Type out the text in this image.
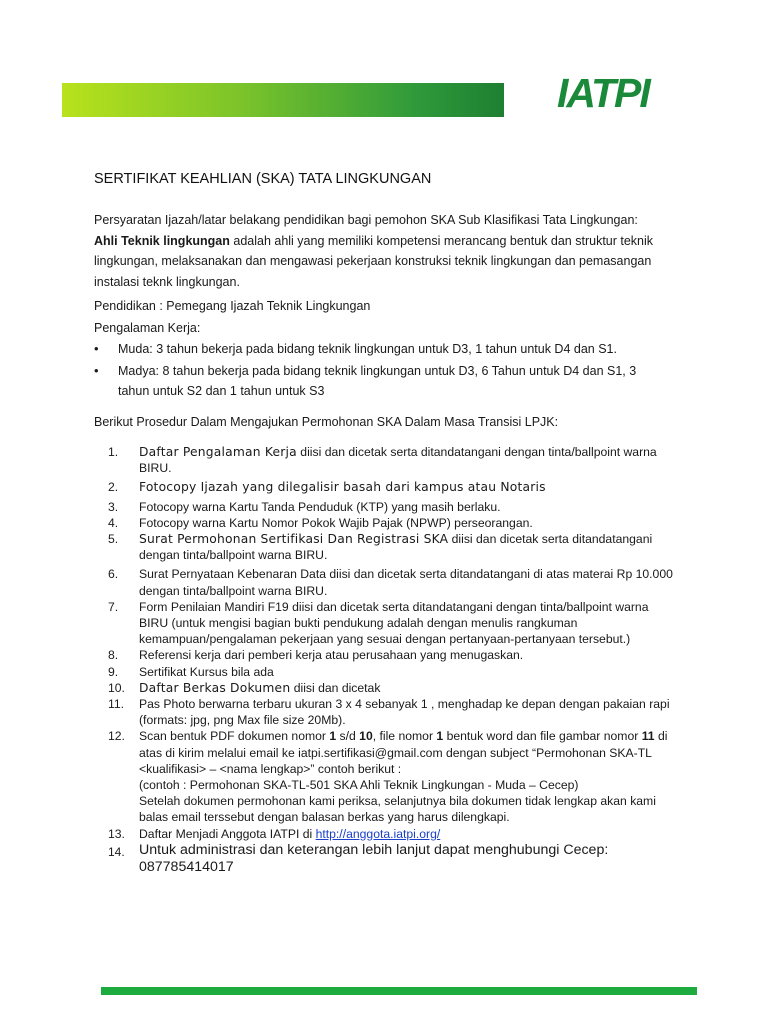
IATPI
SERTIFIKAT KEAHLIAN (SKA) TATA LINGKUNGAN
Persyaratan Ijazah/latar belakang pendidikan bagi pemohon SKA Sub Klasifikasi Tata Lingkungan:
Ahli Teknik lingkungan adalah ahli yang memiliki kompetensi merancang bentuk dan struktur teknik lingkungan, melaksanakan dan mengawasi pekerjaan konstruksi teknik lingkungan dan pemasangan instalasi teknk lingkungan.
Pendidikan : Pemegang Ijazah Teknik Lingkungan
Pengalaman Kerja:
• Muda: 3 tahun bekerja pada bidang teknik lingkungan untuk D3, 1 tahun untuk D4 dan S1.
• Madya: 8 tahun bekerja pada bidang teknik lingkungan untuk D3, 6 Tahun untuk D4 dan S1, 3 tahun untuk S2 dan 1 tahun untuk S3
Berikut Prosedur Dalam Mengajukan Permohonan SKA Dalam Masa Transisi LPJK:
1. Daftar Pengalaman Kerja diisi dan dicetak serta ditandatangani dengan tinta/ballpoint warna BIRU.
2. Fotocopy Ijazah yang dilegalisir basah dari kampus atau Notaris
3. Fotocopy warna Kartu Tanda Penduduk (KTP) yang masih berlaku.
4. Fotocopy warna Kartu Nomor Pokok Wajib Pajak (NPWP) perseorangan.
5. Surat Permohonan Sertifikasi Dan Registrasi SKA diisi dan dicetak serta ditandatangani dengan tinta/ballpoint warna BIRU.
6. Surat Pernyataan Kebenaran Data diisi dan dicetak serta ditandatangani di atas materai Rp 10.000 dengan tinta/ballpoint warna BIRU.
7. Form Penilaian Mandiri F19 diisi dan dicetak serta ditandatangani dengan tinta/ballpoint warna BIRU (untuk mengisi bagian bukti pendukung adalah dengan menulis rangkuman kemampuan/pengalaman pekerjaan yang sesuai dengan pertanyaan-pertanyaan tersebut.)
8. Referensi kerja dari pemberi kerja atau perusahaan yang menugaskan.
9. Sertifikat Kursus bila ada
10. Daftar Berkas Dokumen diisi dan dicetak
11. Pas Photo berwarna terbaru ukuran 3 x 4 sebanyak 1 , menghadap ke depan dengan pakaian rapi (formats: jpg, png Max file size 20Mb).
12. Scan bentuk PDF dokumen nomor 1 s/d 10, file nomor 1 bentuk word dan file gambar nomor 11 di atas di kirim melalui email ke iatpi.sertifikasi@gmail.com dengan subject “Permohonan SKA-TL <kualifikasi> – <nama lengkap>” contoh berikut :
(contoh : Permohonan SKA-TL-501 SKA Ahli Teknik Lingkungan - Muda – Cecep)
Setelah dokumen permohonan kami periksa, selanjutnya bila dokumen tidak lengkap akan kami balas email terssebut dengan balasan berkas yang harus dilengkapi.
13. Daftar Menjadi Anggota IATPI di http://anggota.iatpi.org/
14. Untuk administrasi dan keterangan lebih lanjut dapat menghubungi Cecep: 087785414017
